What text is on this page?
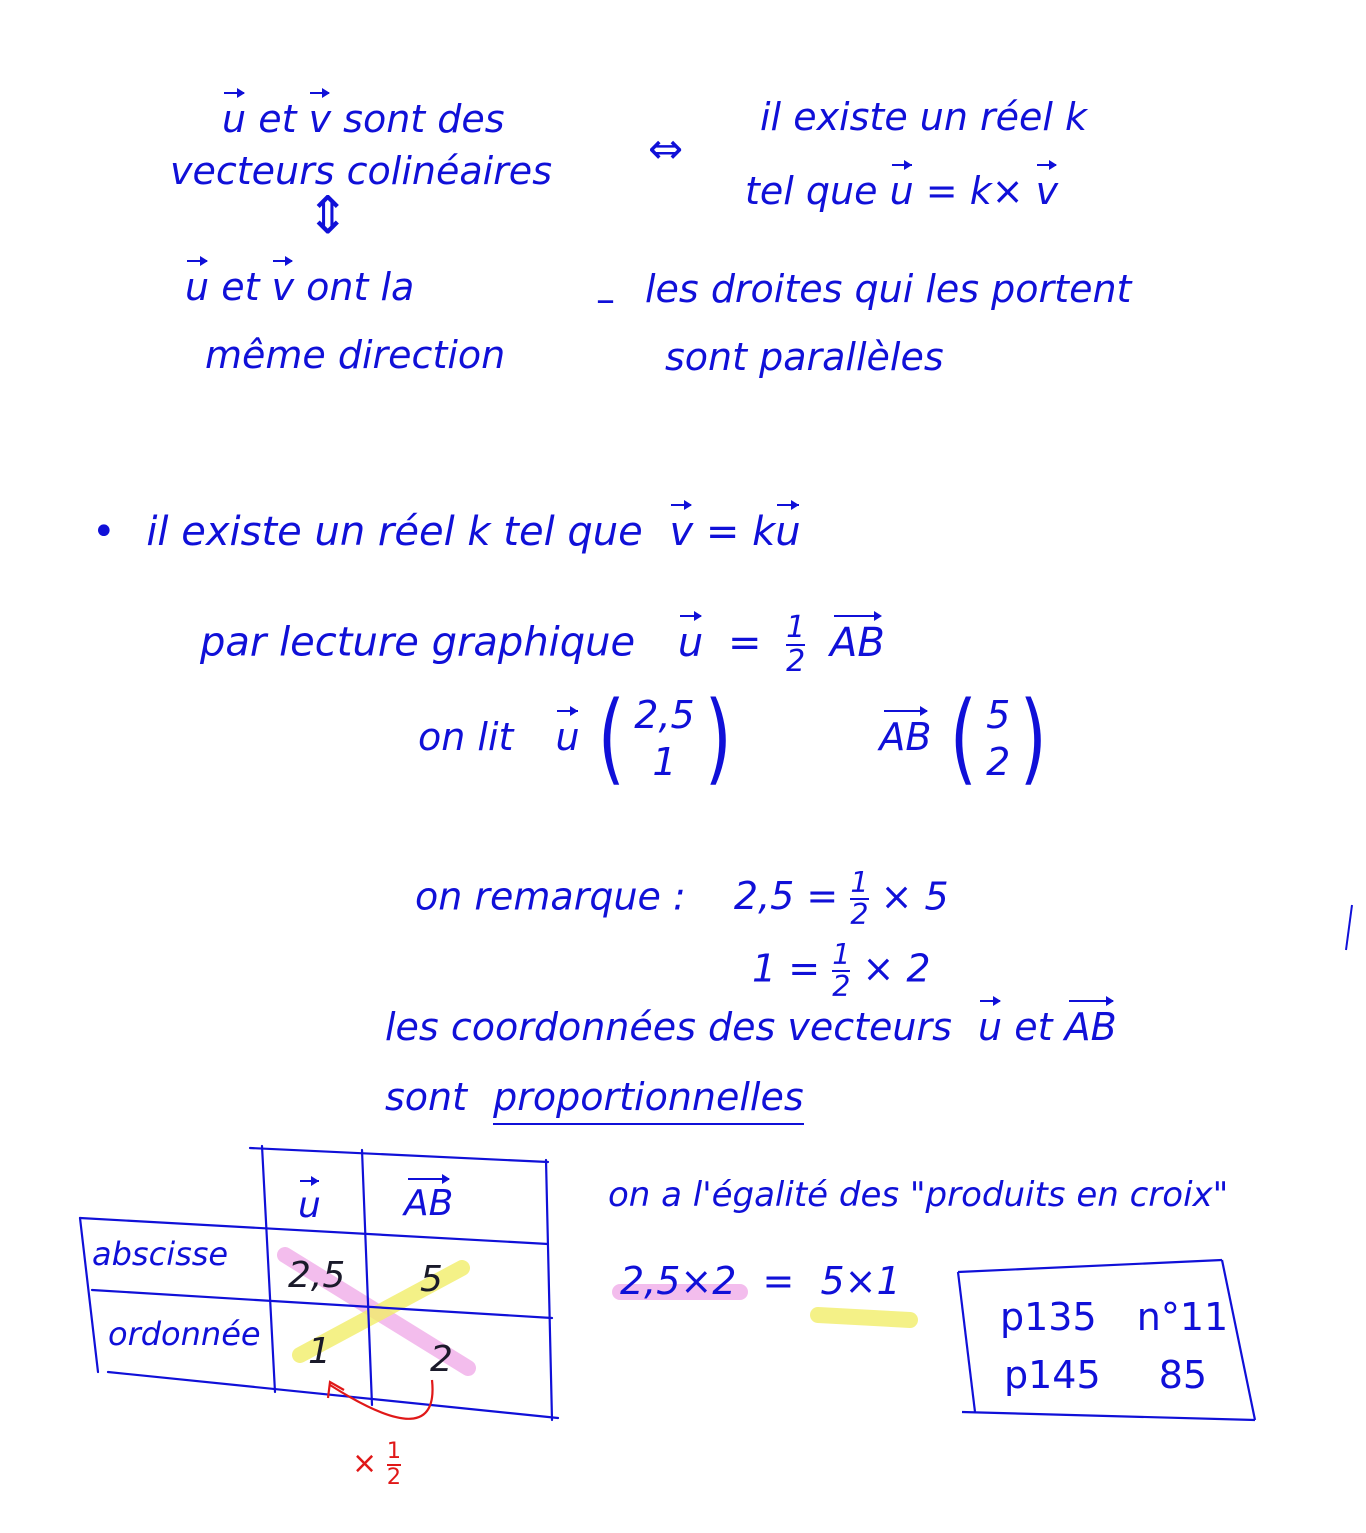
u et v sont des
vecteurs colinéaires ⇔
il existe un réel k
tel que u = k× v
⇕
u et v ont la
même direction
– les droites qui les portent
sont parallèles
• il existe un réel k tel que v = ku
par lecture graphique $u = \frac{1}{2}$ AB
on lit u ( 2,5
1 )	AB ( 5
2 )
on remarque : $2,5 = \frac{1}{2} \times 5$
$1 = \frac{1}{2} \times 2$
les coordonnées des vecteurs u et AB
sont proportionnelles
u AB
abscisse
ordonnée
2,5 5
1	2
× $\frac{1}{2}$
on a l'égalité des "produits en croix"
2,5×2 = 5×1
p135 n°11
p145 85
